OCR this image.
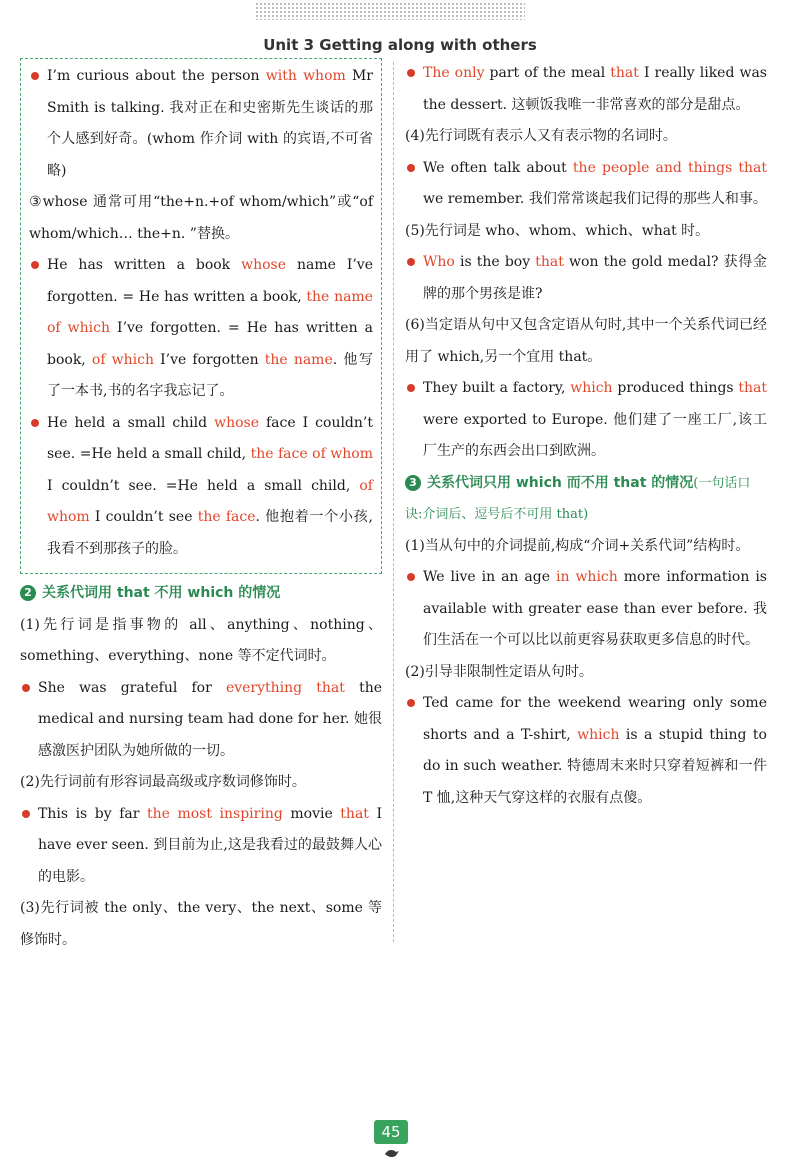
Unit 3 Getting along with others
I’m curious about the person with whom Mr Smith is talking. 我对正在和史密斯先生谈话的那个人感到好奇。(whom 作介词 with 的宾语,不可省略)
③whose 通常可用“the+n.+of whom/which”或“of whom/which… the+n. ”替换。
He has written a book whose name I’ve forgotten. = He has written a book, the name of which I’ve forgotten. = He has written a book, of which I’ve forgotten the name. 他写了一本书,书的名字我忘记了。
He held a small child whose face I couldn’t see. =He held a small child, the face of whom I couldn’t see. =He held a small child, of whom I couldn’t see the face. 他抱着一个小孩,我看不到那孩子的脸。
2 关系代词用 that 不用 which 的情况
(1)先行词是指事物的 all、anything、nothing、something、everything、none 等不定代词时。
She was grateful for everything that the medical and nursing team had done for her. 她很感激医护团队为她所做的一切。
(2)先行词前有形容词最高级或序数词修饰时。
This is by far the most inspiring movie that I have ever seen. 到目前为止,这是我看过的最鼓舞人心的电影。
(3)先行词被 the only、the very、the next、some 等修饰时。
The only part of the meal that I really liked was the dessert. 这顿饭我唯一非常喜欢的部分是甜点。
(4)先行词既有表示人又有表示物的名词时。
We often talk about the people and things that we remember. 我们常常谈起我们记得的那些人和事。
(5)先行词是 who、whom、which、what 时。
Who is the boy that won the gold medal? 获得金牌的那个男孩是谁?
(6)当定语从句中又包含定语从句时,其中一个关系代词已经用了 which,另一个宜用 that。
They built a factory, which produced things that were exported to Europe. 他们建了一座工厂,该工厂生产的东西会出口到欧洲。
3 关系代词只用 which 而不用 that 的情况(一句话口诀:介词后、逗号后不可用 that)
(1)当从句中的介词提前,构成“介词+关系代词”结构时。
We live in an age in which more information is available with greater ease than ever before. 我们生活在一个可以比以前更容易获取更多信息的时代。
(2)引导非限制性定语从句时。
Ted came for the weekend wearing only some shorts and a T-shirt, which is a stupid thing to do in such weather. 特德周末来时只穿着短裤和一件 T 恤,这种天气穿这样的衣服有点傻。
45
